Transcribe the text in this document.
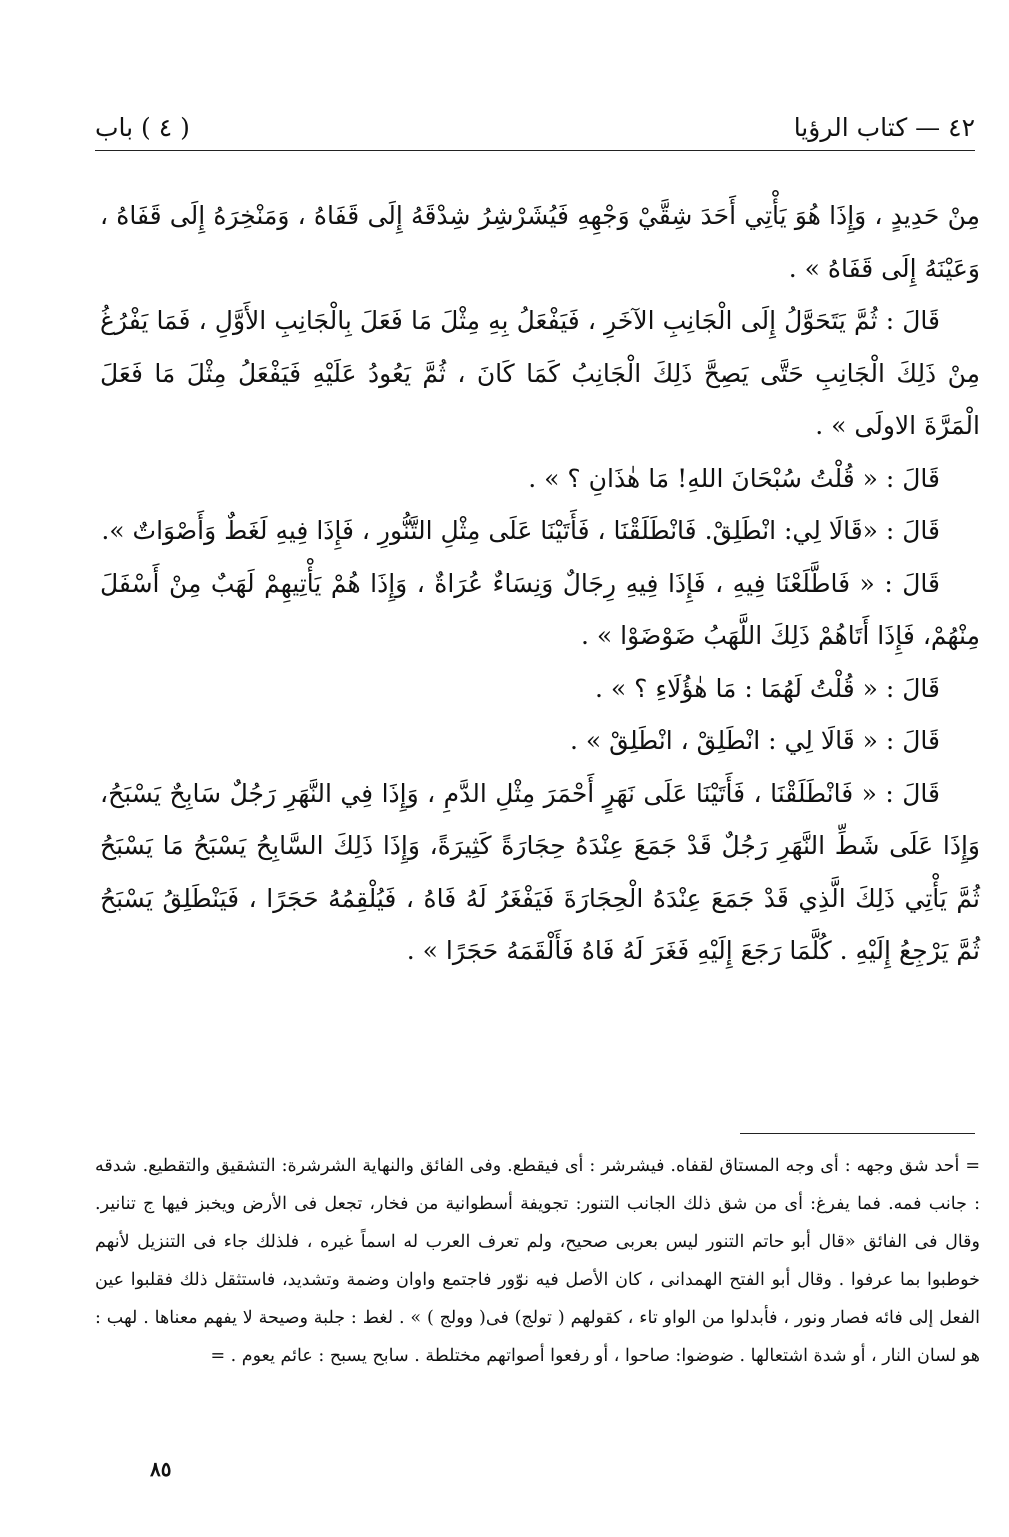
٤٢ — كتاب الرؤيا
( ٤ ) باب

مِنْ حَدِيدٍ ، وَإِذَا هُوَ يَأْتِي أَحَدَ شِقَّيْ وَجْهِهِ فَيُشَرْشِرُ شِدْقَهُ إِلَى قَفَاهُ ، وَمَنْخِرَهُ إِلَى قَفَاهُ ، وَعَيْنَهُ إِلَى قَفَاهُ » .

قَالَ : ثُمَّ يَتَحَوَّلُ إِلَى الْجَانِبِ الآخَرِ ، فَيَفْعَلُ بِهِ مِثْلَ مَا فَعَلَ بِالْجَانِبِ الأَوَّلِ ، فَمَا يَفْرُغُ مِنْ ذَلِكَ الْجَانِبِ حَتَّى يَصِحَّ ذَلِكَ الْجَانِبُ كَمَا كَانَ ، ثُمَّ يَعُودُ عَلَيْهِ فَيَفْعَلُ مِثْلَ مَا فَعَلَ الْمَرَّةَ الاولَى » .

قَالَ : « قُلْتُ سُبْحَانَ اللهِ! مَا هٰذَانِ ؟ » .

قَالَ : «قَالَا لِي: انْطَلِقْ. فَانْطَلَقْنَا ، فَأَتَيْنَا عَلَى مِثْلِ التَّنُّورِ ، فَإِذَا فِيهِ لَغَطٌ وَأَصْوَاتٌ ».

قَالَ : « فَاطَّلَعْنَا فِيهِ ، فَإِذَا فِيهِ رِجَالٌ وَنِسَاءٌ عُرَاةٌ ، وَإِذَا هُمْ يَأْتِيهِمْ لَهَبٌ مِنْ أَسْفَلَ مِنْهُمْ، فَإِذَا أَتَاهُمْ ذَلِكَ اللَّهَبُ ضَوْضَوْا » .

قَالَ : « قُلْتُ لَهُمَا : مَا هٰؤُلَاءِ ؟ » .

قَالَ : « قَالَا لِي : انْطَلِقْ ، انْطَلِقْ » .

قَالَ : « فَانْطَلَقْنَا ، فَأَتَيْنَا عَلَى نَهَرٍ أَحْمَرَ مِثْلِ الدَّمِ ، وَإِذَا فِي النَّهَرِ رَجُلٌ سَابِحٌ يَسْبَحُ، وَإِذَا عَلَى شَطِّ النَّهَرِ رَجُلٌ قَدْ جَمَعَ عِنْدَهُ حِجَارَةً كَثِيرَةً، وَإِذَا ذَلِكَ السَّابِحُ يَسْبَحُ مَا يَسْبَحُ ثُمَّ يَأْتِي ذَلِكَ الَّذِي قَدْ جَمَعَ عِنْدَهُ الْحِجَارَةَ فَيَفْغَرُ لَهُ فَاهُ ، فَيُلْقِمُهُ حَجَرًا ، فَيَنْطَلِقُ يَسْبَحُ ثُمَّ يَرْجِعُ إِلَيْهِ . كُلَّمَا رَجَعَ إِلَيْهِ فَغَرَ لَهُ فَاهُ فَأَلْقَمَهُ حَجَرًا » .

= أحد شق وجهه : أى وجه المستاق لقفاه. فيشرشر : أى فيقطع. وفى الفائق والنهاية الشرشرة: التشقيق والتقطيع. شدقه : جانب فمه. فما يفرغ: أى من شق ذلك الجانب التنور: تجويفة أسطوانية من فخار، تجعل فى الأرض ويخبز فيها ج تنانير. وقال فى الفائق «قال أبو حاتم التنور ليس بعربى صحيح، ولم تعرف العرب له اسماً غيره ، فلذلك جاء فى التنزيل لأنهم خوطبوا بما عرفوا . وقال أبو الفتح الهمدانى ، كان الأصل فيه نوّور فاجتمع واوان وضمة وتشديد، فاستثقل ذلك فقلبوا عين الفعل إلى فائه فصار ونور ، فأبدلوا من الواو تاء ، كقولهم ( تولج) فى( وولج ) » . لغط : جلبة وصيحة لا يفهم معناها . لهب : هو لسان النار ، أو شدة اشتعالها . ضوضوا: صاحوا ، أو رفعوا أصواتهم مختلطة . سابح يسبح : عائم يعوم . =

٨٥
